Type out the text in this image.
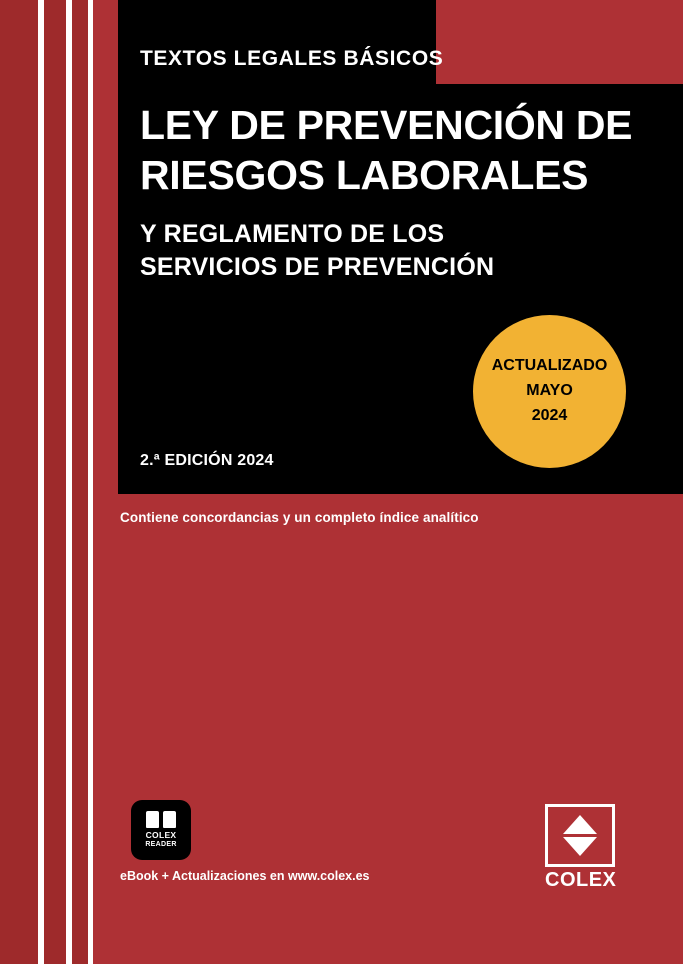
TEXTOS LEGALES BÁSICOS
LEY DE PREVENCIÓN DE
RIESGOS LABORALES
Y REGLAMENTO DE LOS
SERVICIOS DE PREVENCIÓN
2.ª EDICIÓN 2024
ACTUALIZADO
MAYO
2024
Contiene concordancias y un completo índice analítico
COLEX
READER
eBook + Actualizaciones en www.colex.es	COLEX
